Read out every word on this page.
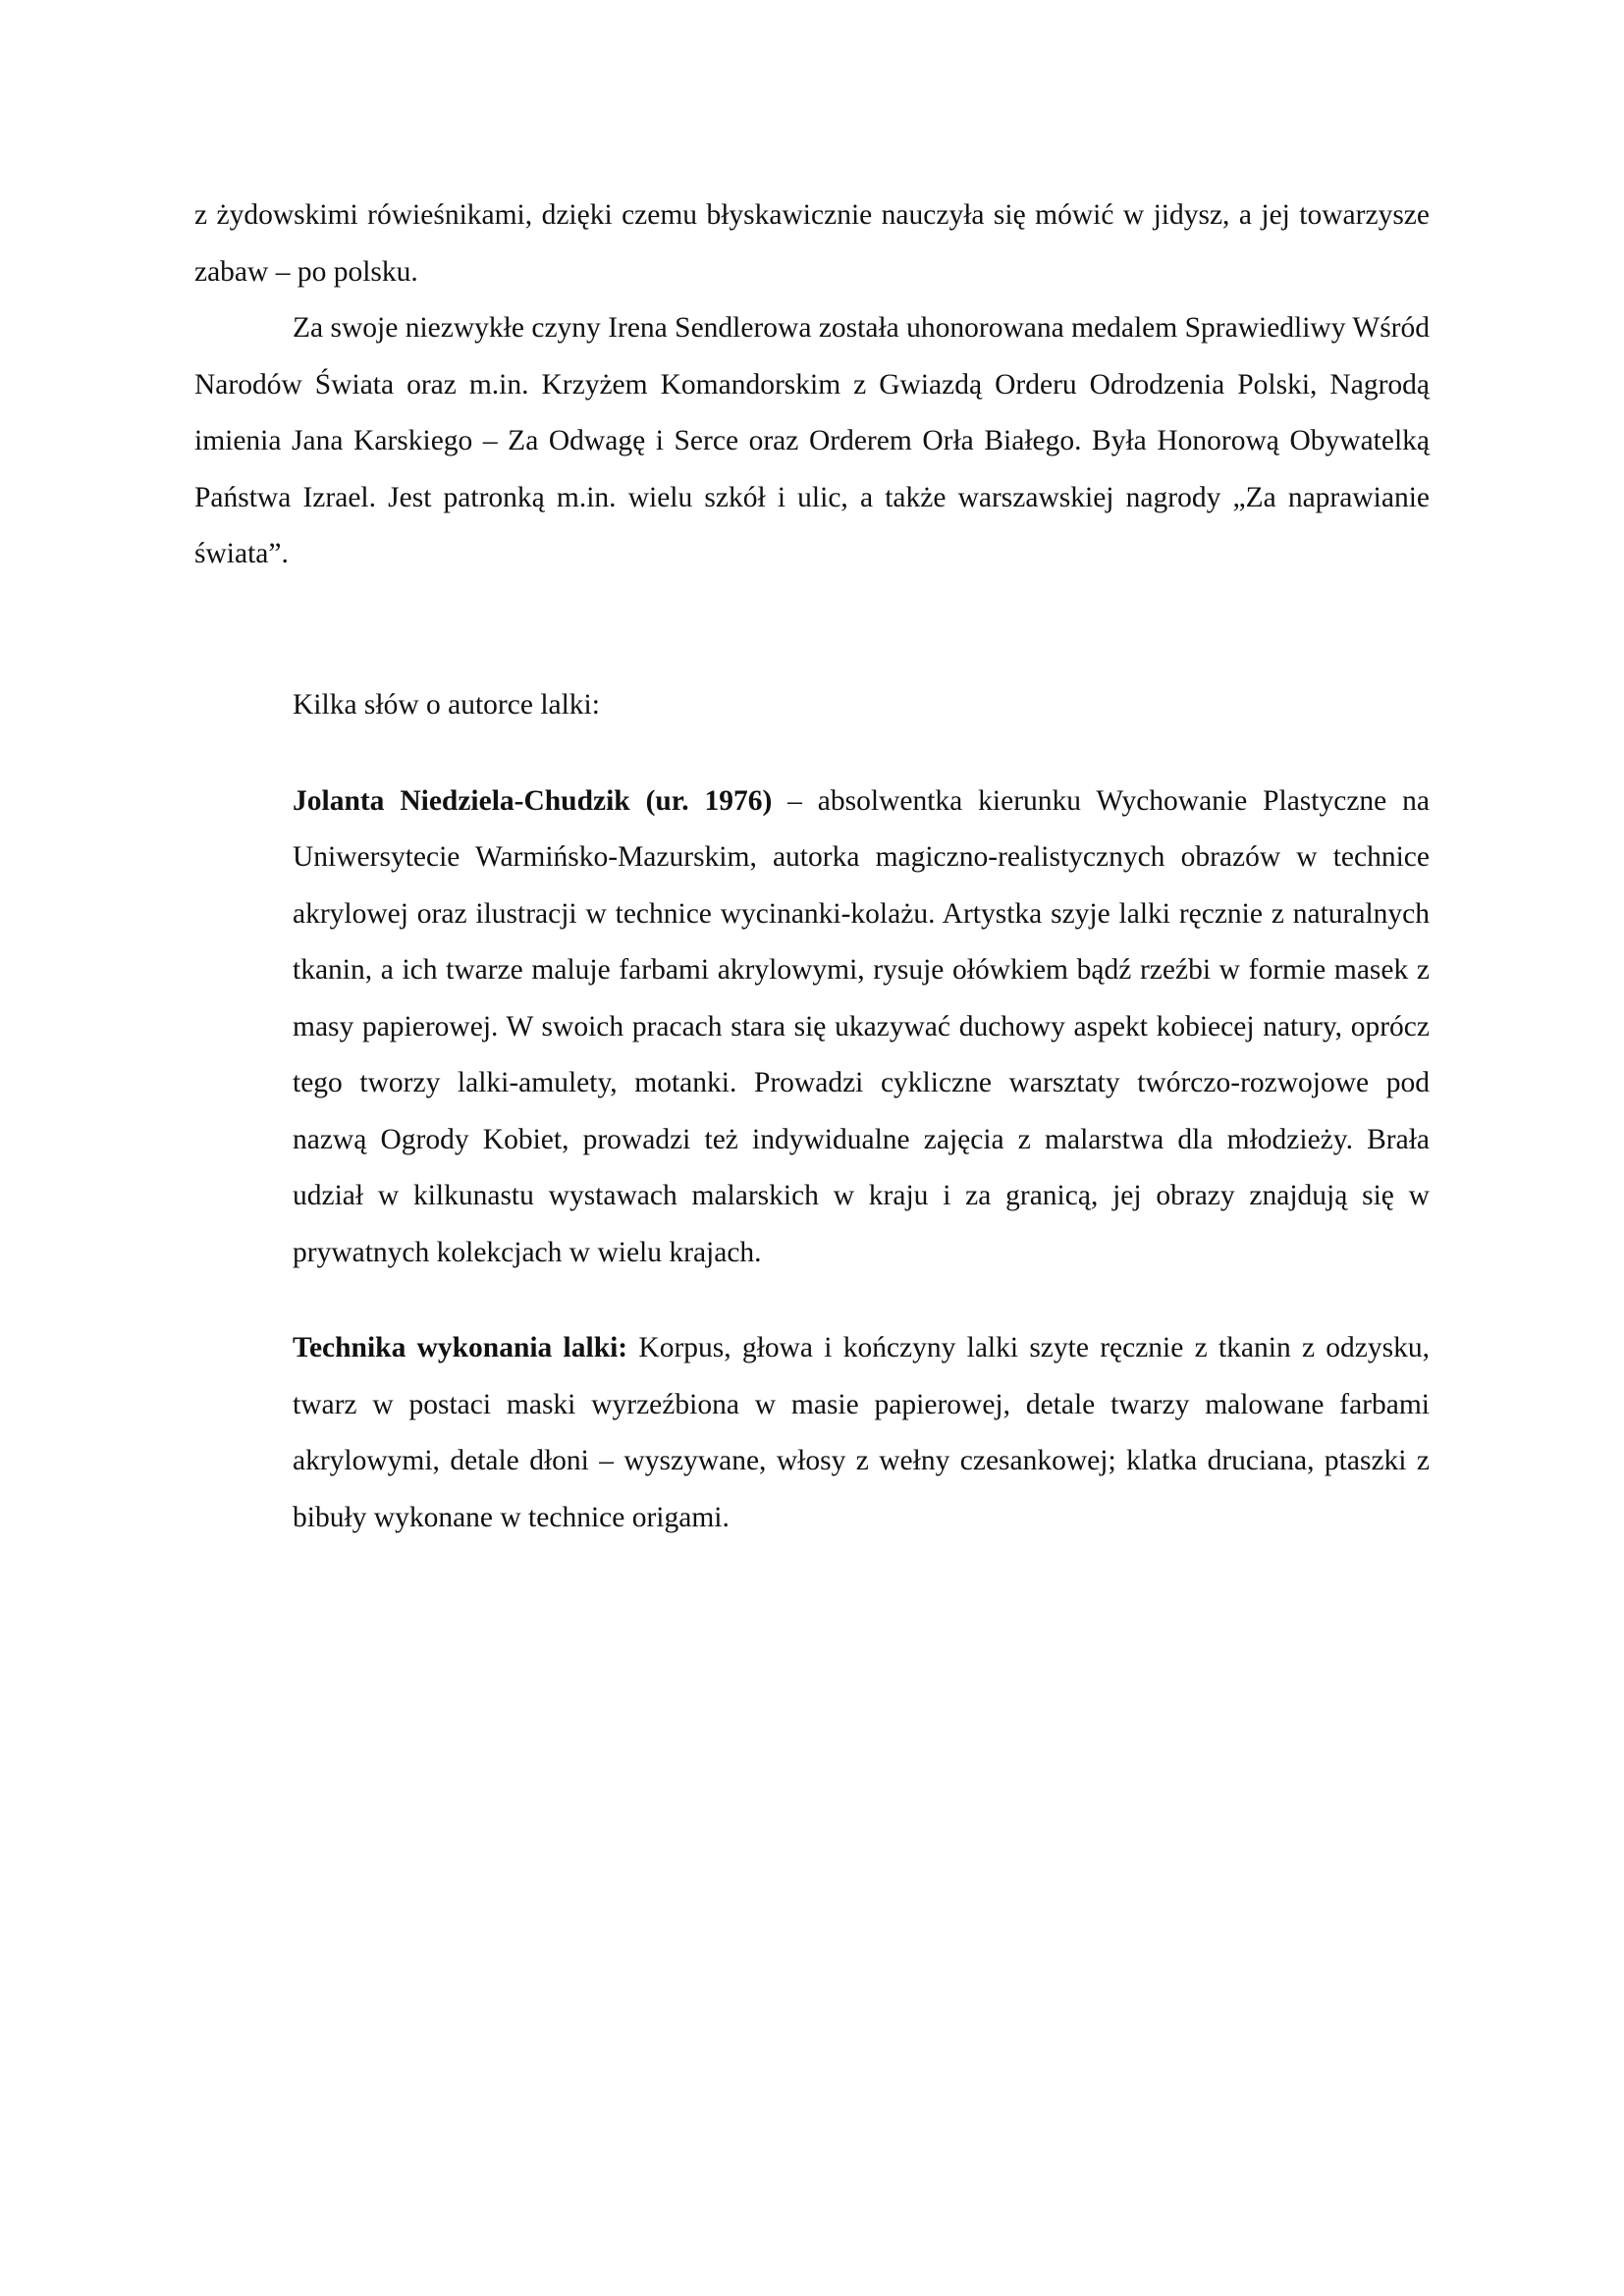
z żydowskimi rówieśnikami, dzięki czemu błyskawicznie nauczyła się mówić w jidysz, a jej towarzysze zabaw – po polsku.

Za swoje niezwykłe czyny Irena Sendlerowa została uhonorowana medalem Sprawiedliwy Wśród Narodów Świata oraz m.in. Krzyżem Komandorskim z Gwiazdą Orderu Odrodzenia Polski, Nagrodą imienia Jana Karskiego – Za Odwagę i Serce oraz Orderem Orła Białego. Była Honorową Obywatelką Państwa Izrael. Jest patronką m.in. wielu szkół i ulic, a także warszawskiej nagrody „Za naprawianie świata”.

Kilka słów o autorce lalki:

Jolanta Niedziela-Chudzik (ur. 1976) – absolwentka kierunku Wychowanie Plastyczne na Uniwersytecie Warmińsko-Mazurskim, autorka magiczno-realistycznych obrazów w technice akrylowej oraz ilustracji w technice wycinanki-kolażu. Artystka szyje lalki ręcznie z naturalnych tkanin, a ich twarze maluje farbami akrylowymi, rysuje ołówkiem bądź rzeźbi w formie masek z masy papierowej. W swoich pracach stara się ukazywać duchowy aspekt kobiecej natury, oprócz tego tworzy lalki-amulety, motanki. Prowadzi cykliczne warsztaty twórczo-rozwojowe pod nazwą Ogrody Kobiet, prowadzi też indywidualne zajęcia z malarstwa dla młodzieży. Brała udział w kilkunastu wystawach malarskich w kraju i za granicą, jej obrazy znajdują się w prywatnych kolekcjach w wielu krajach.

Technika wykonania lalki: Korpus, głowa i kończyny lalki szyte ręcznie z tkanin z odzysku, twarz w postaci maski wyrzeźbiona w masie papierowej, detale twarzy malowane farbami akrylowymi, detale dłoni – wyszywane, włosy z wełny czesankowej; klatka druciana, ptaszki z bibuły wykonane w technice origami.
